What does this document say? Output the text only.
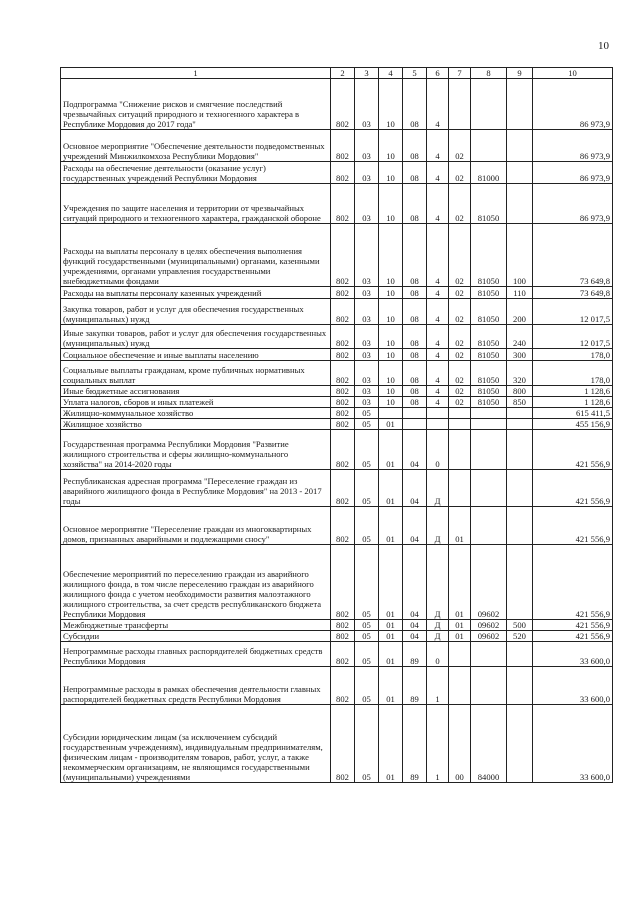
10
1	2	3	4	5	6	7	8	9	10
Подпрограмма "Снижение рисков и смягчение последствий чрезвычайных ситуаций природного и техногенного характера в Республике Мордовия до 2017 года"	802	03	10	08	4				86 973,9
Основное мероприятие "Обеспечение деятельности подведомственных учреждений Минжилкомхоза Республики Мордовия"	802	03	10	08	4	02			86 973,9
Расходы на обеспечение деятельности (оказание услуг) государственных учреждений Республики Мордовия	802	03	10	08	4	02	81000		86 973,9
Учреждения по защите населения и территории от чрезвычайных ситуаций природного и техногенного характера, гражданской обороне	802	03	10	08	4	02	81050		86 973,9
Расходы на выплаты персоналу в целях обеспечения выполнения функций государственными (муниципальными) органами, казенными учреждениями, органами управления государственными внебюджетными фондами	802	03	10	08	4	02	81050	100	73 649,8
Расходы на выплаты персоналу казенных учреждений	802	03	10	08	4	02	81050	110	73 649,8
Закупка товаров, работ и услуг для обеспечения государственных (муниципальных) нужд	802	03	10	08	4	02	81050	200	12 017,5
Иные закупки товаров, работ и услуг для обеспечения государственных (муниципальных) нужд	802	03	10	08	4	02	81050	240	12 017,5
Социальное обеспечение и иные выплаты населению	802	03	10	08	4	02	81050	300	178,0
Социальные выплаты гражданам, кроме публичных нормативных социальных выплат	802	03	10	08	4	02	81050	320	178,0
Иные бюджетные ассигнования	802	03	10	08	4	02	81050	800	1 128,6
Уплата налогов, сборов и иных платежей	802	03	10	08	4	02	81050	850	1 128,6
Жилищно-коммунальное хозяйство	802	05							615 411,5
Жилищное хозяйство	802	05	01						455 156,9
Государственная программа Республики Мордовия "Развитие жилищного строительства и сферы жилищно-коммунального хозяйства" на 2014-2020 годы	802	05	01	04	0				421 556,9
Республиканская адресная программа "Переселение граждан из аварийного жилищного фонда в Республике Мордовия" на 2013 - 2017 годы	802	05	01	04	Д				421 556,9
Основное мероприятие "Переселение граждан из многоквартирных домов, признанных аварийными и подлежащими сносу"	802	05	01	04	Д	01			421 556,9
Обеспечение мероприятий по переселению граждан из аварийного жилищного фонда, в том числе переселению граждан из аварийного жилищного фонда с учетом необходимости развития малоэтажного жилищного строительства, за счет средств республиканского бюджета Республики Мордовия	802	05	01	04	Д	01	09602		421 556,9
Межбюджетные трансферты	802	05	01	04	Д	01	09602	500	421 556,9
Субсидии	802	05	01	04	Д	01	09602	520	421 556,9
Непрограммные расходы главных распорядителей бюджетных средств Республики Мордовия	802	05	01	89	0				33 600,0
Непрограммные расходы в рамках обеспечения деятельности главных распорядителей бюджетных средств Республики Мордовия	802	05	01	89	1				33 600,0
Субсидии юридическим лицам (за исключением субсидий государственным учреждениям), индивидуальным предпринимателям, физическим лицам - производителям товаров, работ, услуг, а также некоммерческим организациям, не являющимся государственными (муниципальными) учреждениями	802	05	01	89	1	00	84000		33 600,0
